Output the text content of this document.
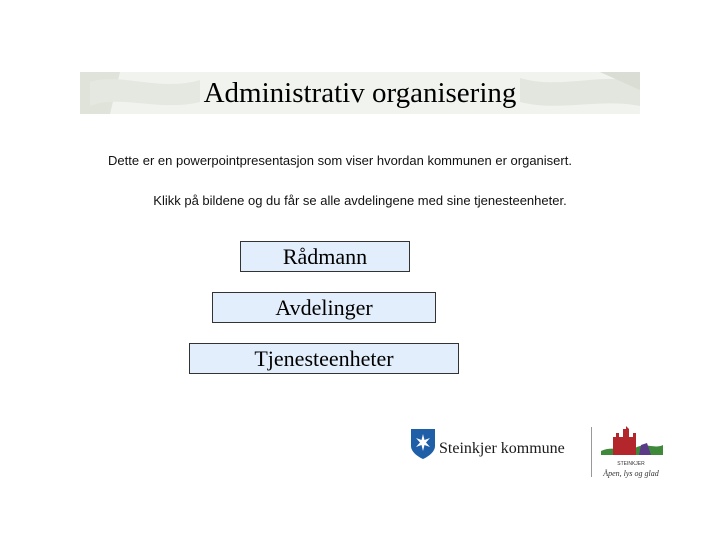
Administrativ organisering
Dette er en powerpointpresentasjon som viser hvordan kommunen er organisert.
Klikk på bildene og du får se alle avdelingene med sine tjenesteenheter.
Rådmann
Avdelinger
Tjenesteenheter
Steinkjer kommune
STEINKJER
Åpen, lys og glad
